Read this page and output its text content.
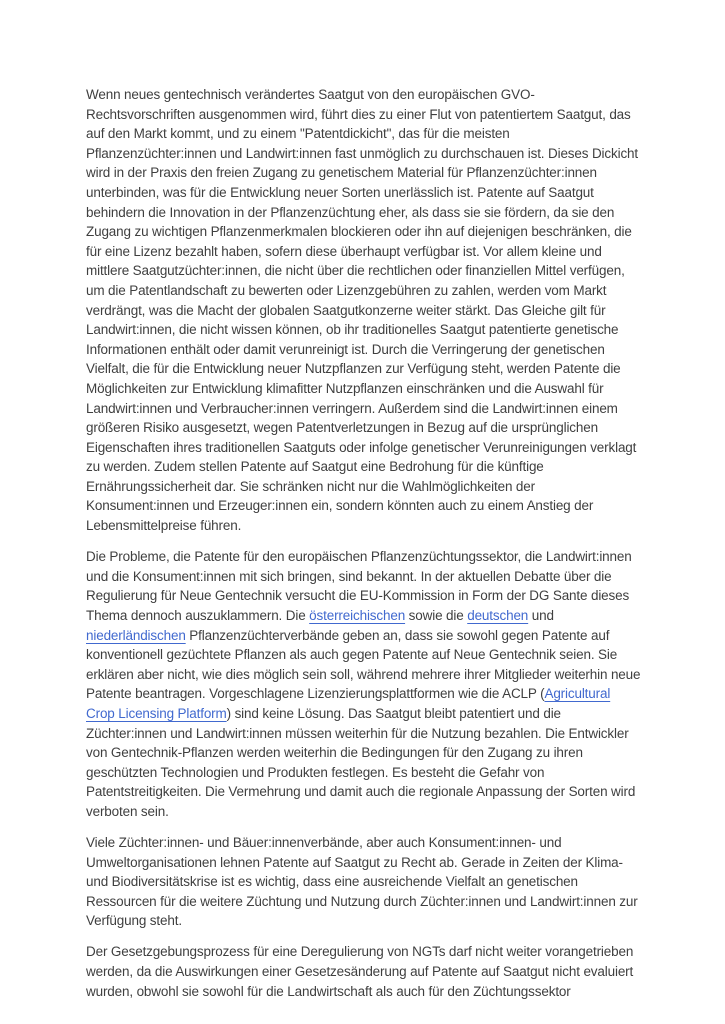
Wenn neues gentechnisch verändertes Saatgut von den europäischen GVO-Rechtsvorschriften ausgenommen wird, führt dies zu einer Flut von patentiertem Saatgut, das auf den Markt kommt, und zu einem "Patentdickicht", das für die meisten Pflanzenzüchter:innen und Landwirt:innen fast unmöglich zu durchschauen ist. Dieses Dickicht wird in der Praxis den freien Zugang zu genetischem Material für Pflanzenzüchter:innen unterbinden, was für die Entwicklung neuer Sorten unerlässlich ist. Patente auf Saatgut behindern die Innovation in der Pflanzenzüchtung eher, als dass sie sie fördern, da sie den Zugang zu wichtigen Pflanzenmerkmalen blockieren oder ihn auf diejenigen beschränken, die für eine Lizenz bezahlt haben, sofern diese überhaupt verfügbar ist. Vor allem kleine und mittlere Saatgutzüchter:innen, die nicht über die rechtlichen oder finanziellen Mittel verfügen, um die Patentlandschaft zu bewerten oder Lizenzgebühren zu zahlen, werden vom Markt verdrängt, was die Macht der globalen Saatgutkonzerne weiter stärkt. Das Gleiche gilt für Landwirt:innen, die nicht wissen können, ob ihr traditionelles Saatgut patentierte genetische Informationen enthält oder damit verunreinigt ist. Durch die Verringerung der genetischen Vielfalt, die für die Entwicklung neuer Nutzpflanzen zur Verfügung steht, werden Patente die Möglichkeiten zur Entwicklung klimafitter Nutzpflanzen einschränken und die Auswahl für Landwirt:innen und Verbraucher:innen verringern. Außerdem sind die Landwirt:innen einem größeren Risiko ausgesetzt, wegen Patentverletzungen in Bezug auf die ursprünglichen Eigenschaften ihres traditionellen Saatguts oder infolge genetischer Verunreinigungen verklagt zu werden. Zudem stellen Patente auf Saatgut eine Bedrohung für die künftige Ernährungssicherheit dar. Sie schränken nicht nur die Wahlmöglichkeiten der Konsument:innen und Erzeuger:innen ein, sondern könnten auch zu einem Anstieg der Lebensmittelpreise führen.

Die Probleme, die Patente für den europäischen Pflanzenzüchtungssektor, die Landwirt:innen und die Konsument:innen mit sich bringen, sind bekannt. In der aktuellen Debatte über die Regulierung für Neue Gentechnik versucht die EU-Kommission in Form der DG Sante dieses Thema dennoch auszuklammern. Die österreichischen sowie die deutschen und niederländischen Pflanzenzüchterverbände geben an, dass sie sowohl gegen Patente auf konventionell gezüchtete Pflanzen als auch gegen Patente auf Neue Gentechnik seien. Sie erklären aber nicht, wie dies möglich sein soll, während mehrere ihrer Mitglieder weiterhin neue Patente beantragen. Vorgeschlagene Lizenzierungsplattformen wie die ACLP (Agricultural Crop Licensing Platform) sind keine Lösung. Das Saatgut bleibt patentiert und die Züchter:innen und Landwirt:innen müssen weiterhin für die Nutzung bezahlen. Die Entwickler von Gentechnik-Pflanzen werden weiterhin die Bedingungen für den Zugang zu ihren geschützten Technologien und Produkten festlegen. Es besteht die Gefahr von Patentstreitigkeiten. Die Vermehrung und damit auch die regionale Anpassung der Sorten wird verboten sein.

Viele Züchter:innen- und Bäuer:innenverbände, aber auch Konsument:innen- und Umweltorganisationen lehnen Patente auf Saatgut zu Recht ab. Gerade in Zeiten der Klima- und Biodiversitätskrise ist es wichtig, dass eine ausreichende Vielfalt an genetischen Ressourcen für die weitere Züchtung und Nutzung durch Züchter:innen und Landwirt:innen zur Verfügung steht.

Der Gesetzgebungsprozess für eine Deregulierung von NGTs darf nicht weiter vorangetrieben werden, da die Auswirkungen einer Gesetzesänderung auf Patente auf Saatgut nicht evaluiert wurden, obwohl sie sowohl für die Landwirtschaft als auch für den Züchtungssektor
